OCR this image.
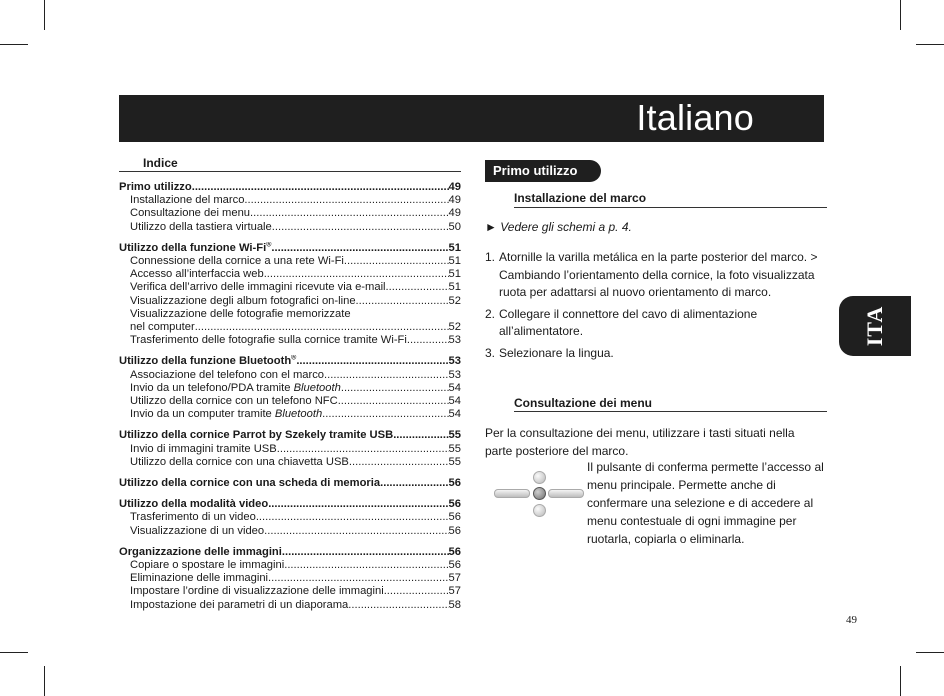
Italiano
ITA
Indice
Primo utilizzo .....	49
Installazione del marco .....	49
Consultazione dei menu .....	49
Utilizzo della tastiera virtuale .....	50
Utilizzo della funzione Wi-Fi® .....	51
Connessione della cornice a una rete Wi-Fi .....	51
Accesso all’interfaccia web .....	51
Verifica dell’arrivo delle immagini ricevute via e-mail .....	51
Visualizzazione degli album fotografici on-line .....	52
Visualizzazione delle fotografie memorizzate
nel computer .....	52
Trasferimento delle fotografie sulla cornice tramite Wi-Fi. .....	53
Utilizzo della funzione Bluetooth® .....	53
Associazione del telefono con el marco .....	53
Invio da un telefono/PDA tramite Bluetooth .....	54
Utilizzo della cornice con un telefono NFC .....	54
Invio da un computer tramite Bluetooth .....	54
Utilizzo della cornice Parrot by Szekely tramite USB .....	55
Invio di immagini tramite USB .....	55
Utilizzo della cornice con una chiavetta USB .....	55
Utilizzo della cornice con una scheda di memoria .....	56
Utilizzo della modalità video .....	56
Trasferimento di un video .....	56
Visualizzazione di un video .....	56
Organizzazione delle immagini .....	56
Copiare o spostare le immagini .....	56
Eliminazione delle immagini .....	57
Impostare l’ordine di visualizzazione delle immagini .....	57
Impostazione dei parametri di un diaporama .....	58
Primo utilizzo
Installazione del marco
► Vedere gli schemi a p. 4.
1. Atornille la varilla metálica en la parte posterior del marco. > Cambiando l’orientamento della cornice, la foto visualizzata ruota per adattarsi al nuovo orientamento di marco.
2. Collegare il connettore del cavo di alimentazione all’alimentatore.
3. Selezionare la lingua.
Consultazione dei menu
Per la consultazione dei menu, utilizzare i tasti situati nella parte posteriore del marco.
Il pulsante di conferma permette l’accesso al menu principale. Permette anche di confermare una selezione e di accedere al menu contestuale di ogni immagine per ruotarla, copiarla o eliminarla.
49
